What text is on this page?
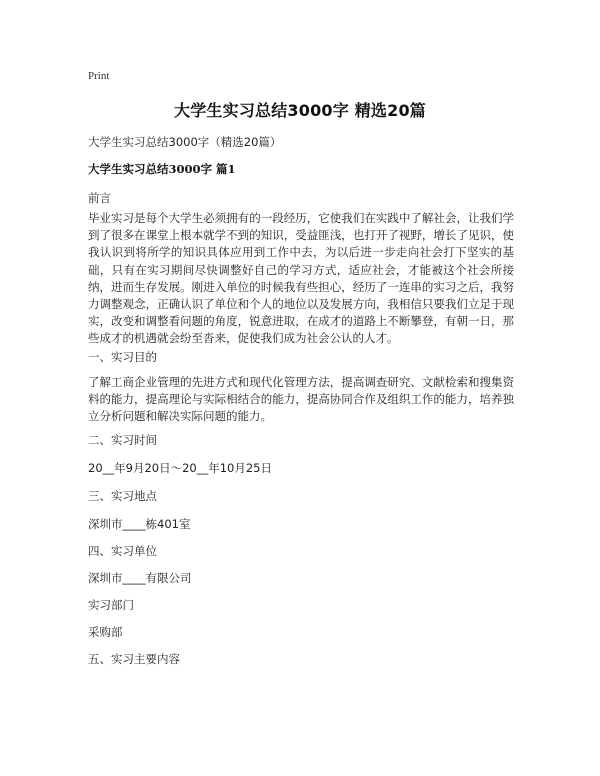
Print
大学生实习总结3000字 精选20篇
大学生实习总结3000字（精选20篇）
大学生实习总结3000字 篇1
前言
毕业实习是每个大学生必须拥有的一段经历，它使我们在实践中了解社会，让我们学到了很多在课堂上根本就学不到的知识，受益匪浅，也打开了视野，增长了见识，使我认识到将所学的知识具体应用到工作中去，为以后进一步走向社会打下坚实的基础，只有在实习期间尽快调整好自己的学习方式，适应社会，才能被这个社会所接纳，进而生存发展。刚进入单位的时候我有些担心，经历了一连串的实习之后，我努力调整观念，正确认识了单位和个人的地位以及发展方向，我相信只要我们立足于现实，改变和调整看问题的角度，锐意进取，在成才的道路上不断攀登，有朝一日，那些成才的机遇就会纷至沓来，促使我们成为社会公认的人才。
一、实习目的
了解工商企业管理的先进方式和现代化管理方法，提高调查研究、文献检索和搜集资料的能力，提高理论与实际相结合的能力，提高协同合作及组织工作的能力，培养独立分析问题和解决实际问题的能力。
二、实习时间
20__年9月20日～20__年10月25日
三、实习地点
深圳市____栋401室
四、实习单位
深圳市____有限公司
实习部门
采购部
五、实习主要内容
